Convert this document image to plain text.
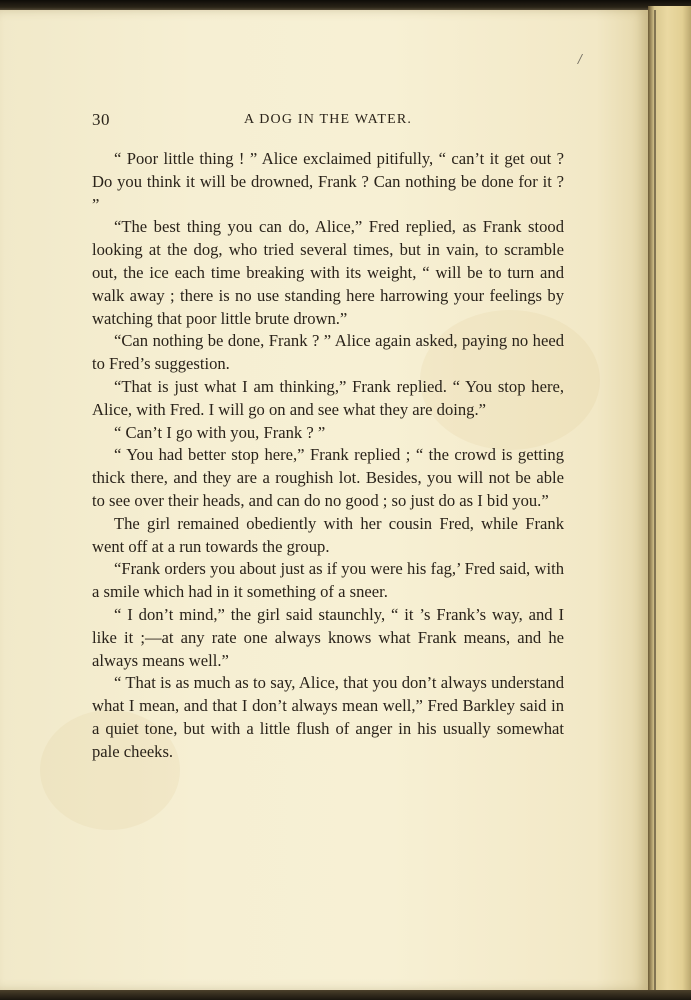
/
30	A DOG IN THE WATER.

“ Poor little thing ! ” Alice exclaimed pitifully, “ can’t it get out ? Do you think it will be drowned, Frank ? Can nothing be done for it ? ”

“The best thing you can do, Alice,” Fred replied, as Frank stood looking at the dog, who tried several times, but in vain, to scramble out, the ice each time breaking with its weight, “ will be to turn and walk away ; there is no use standing here harrowing your feelings by watching that poor little brute drown.”

“Can nothing be done, Frank ? ” Alice again asked, paying no heed to Fred’s suggestion.

“That is just what I am thinking,” Frank replied. “ You stop here, Alice, with Fred. I will go on and see what they are doing.”

“ Can’t I go with you, Frank ? ”

“ You had better stop here,” Frank replied ; “ the crowd is getting thick there, and they are a roughish lot. Besides, you will not be able to see over their heads, and can do no good ; so just do as I bid you.”

The girl remained obediently with her cousin Fred, while Frank went off at a run towards the group.

“Frank orders you about just as if you were his fag,’ Fred said, with a smile which had in it something of a sneer.

“ I don’t mind,” the girl said staunchly, “ it ’s Frank’s way, and I like it ;—at any rate one always knows what Frank means, and he always means well.”

“ That is as much as to say, Alice, that you don’t always understand what I mean, and that I don’t always mean well,” Fred Barkley said in a quiet tone, but with a little flush of anger in his usually somewhat pale cheeks.
